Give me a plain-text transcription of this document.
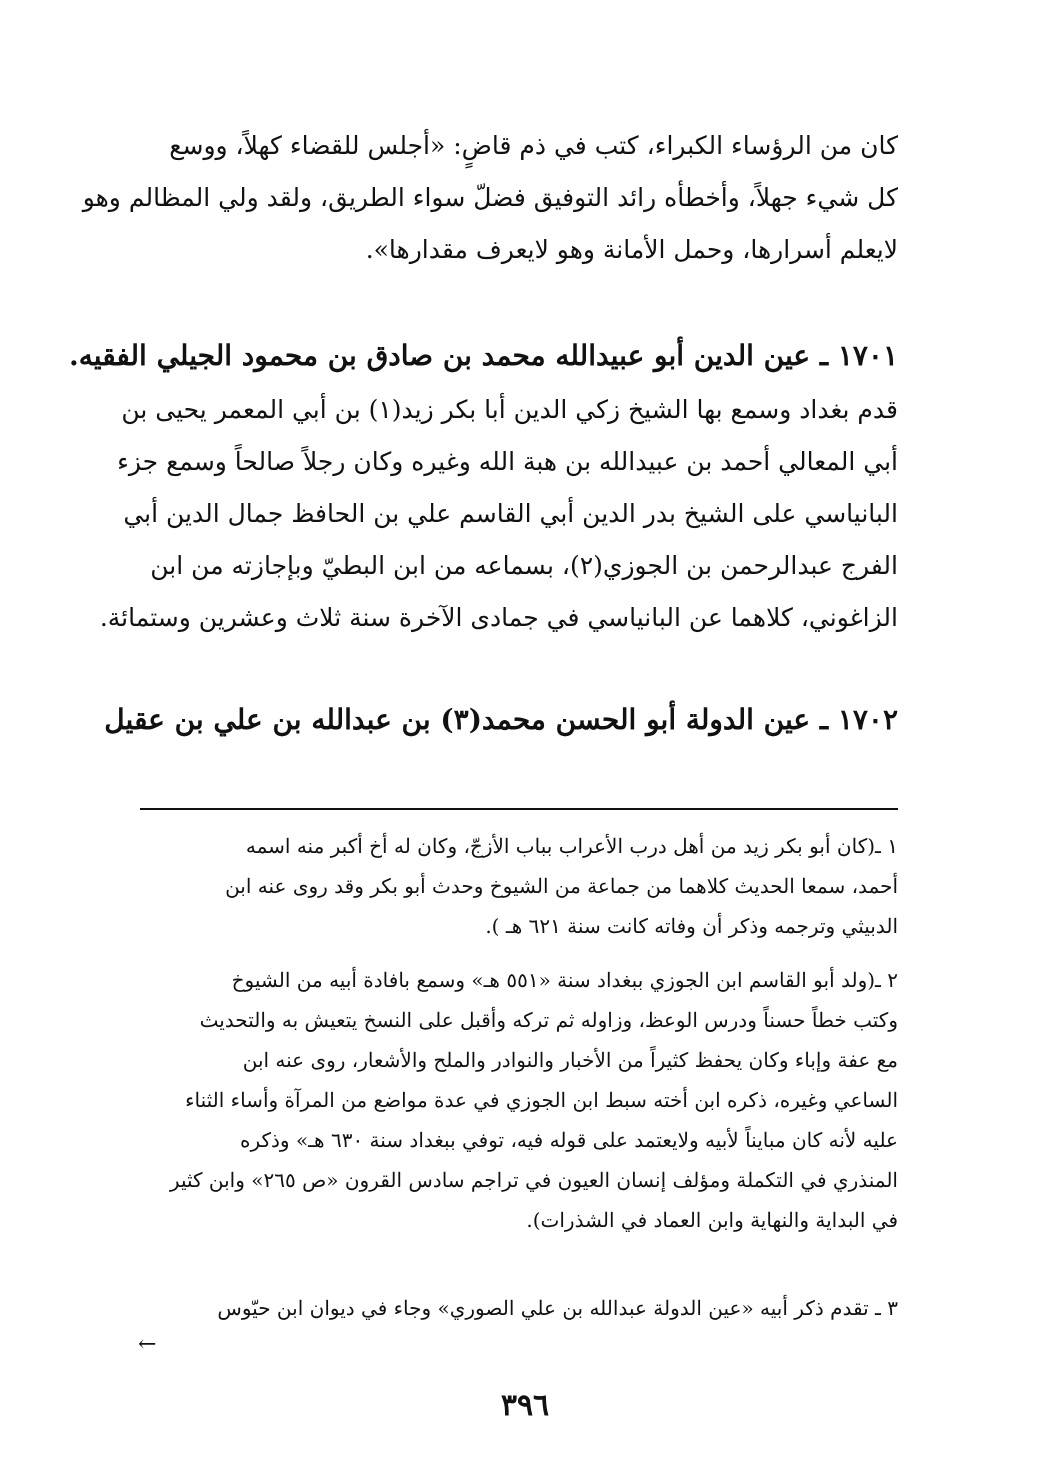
كان من الرؤساء الكبراء، كتب في ذم قاضٍ: «أجلس للقضاء كهلاً، ووسع
كل شيء جهلاً، وأخطأه رائد التوفيق فضلّ سواء الطريق، ولقد ولي المظالم وهو
لايعلم أسرارها، وحمل الأمانة وهو لايعرف مقدارها».
١٧٠١ ـ عين الدين أبو عبيدالله محمد بن صادق بن محمود الجيلي الفقيه.
قدم بغداد وسمع بها الشيخ زكي الدين أبا بكر زيد(١) بن أبي المعمر يحيى بن
أبي المعالي أحمد بن عبيدالله بن هبة الله وغيره وكان رجلاً صالحاً وسمع جزء
البانياسي على الشيخ بدر الدين أبي القاسم علي بن الحافظ جمال الدين أبي
الفرج عبدالرحمن بن الجوزي(٢)، بسماعه من ابن البطيّ وبإجازته من ابن
الزاغوني، كلاهما عن البانياسي في جمادى الآخرة سنة ثلاث وعشرين وستمائة.
١٧٠٢ ـ عين الدولة أبو الحسن محمد(٣) بن عبدالله بن علي بن عقيل
١ ـ(كان أبو بكر زيد من أهل درب الأعراب بباب الأزجّ، وكان له أخ أكبر منه اسمه
أحمد، سمعا الحديث كلاهما من جماعة من الشيوخ وحدث أبو بكر وقد روى عنه ابن
الدبيثي وترجمه وذكر أن وفاته كانت سنة ٦٢١ هـ ).
٢ ـ(ولد أبو القاسم ابن الجوزي ببغداد سنة «٥٥١ هـ» وسمع بافادة أبيه من الشيوخ
وكتب خطاً حسناً ودرس الوعظ، وزاوله ثم تركه وأقبل على النسخ يتعيش به والتحديث
مع عفة وإباء وكان يحفظ كثيراً من الأخبار والنوادر والملح والأشعار، روى عنه ابن
الساعي وغيره، ذكره ابن أخته سبط ابن الجوزي في عدة مواضع من المرآة وأساء الثناء
عليه لأنه كان مبايناً لأبيه ولايعتمد على قوله فيه، توفي ببغداد سنة ٦٣٠ هـ» وذكره
المنذري في التكملة ومؤلف إنسان العيون في تراجم سادس القرون «ص ٢٦٥» وابن كثير
في البداية والنهاية وابن العماد في الشذرات).
٣ ـ تقدم ذكر أبيه «عين الدولة عبدالله بن علي الصوري» وجاء في ديوان ابن حيّوس
←
٣٩٦
